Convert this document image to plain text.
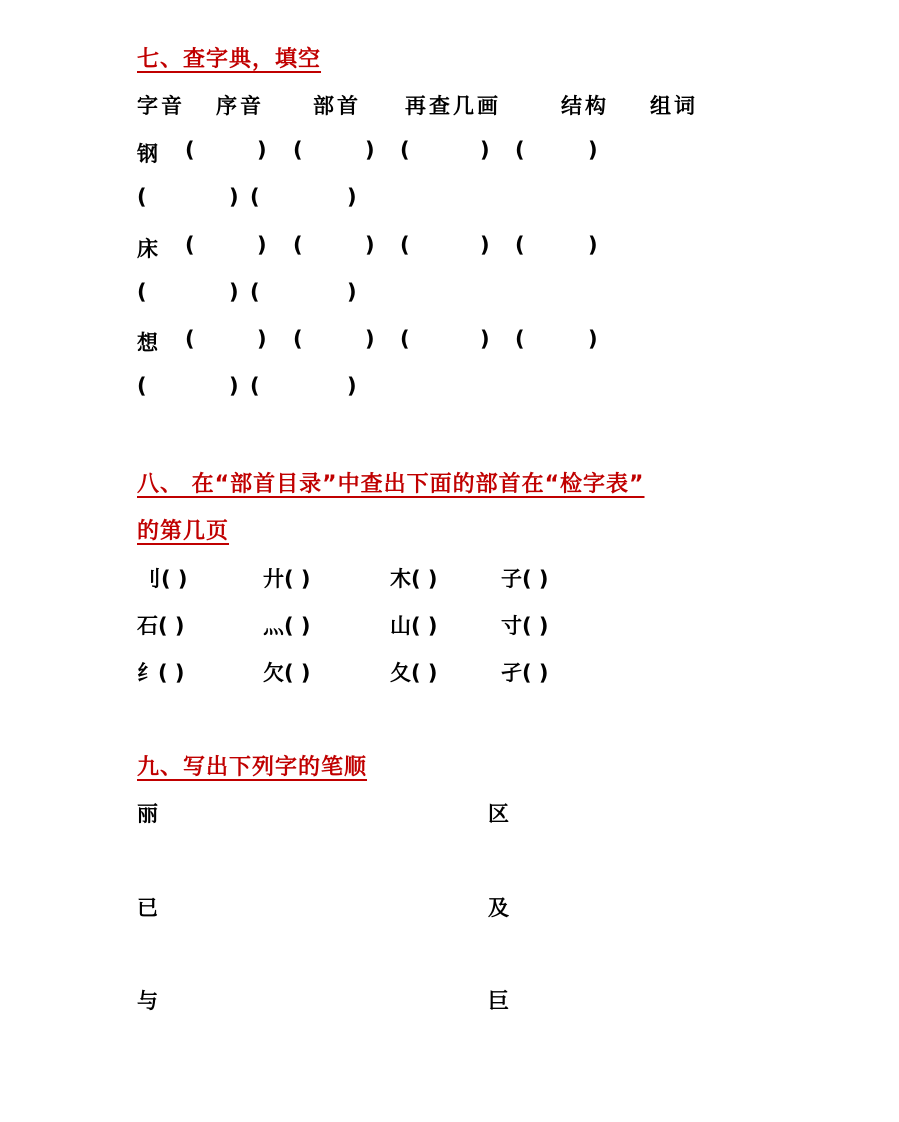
七、查字典，填空
字音 序音 部首 再查几画	结构 组词
钢 (	) (	) (	) (	)
(	) (	)
床 (	) (	) (	) (	)
(	) (	)
想 (	) (	) (	) (	)
(	) (	)
八、 在“部首目录”中查出下面的部首在“检字表”
的第几页
刂( )	廾( )	木( )	子( )
石( )	灬( )	山( )	寸( )
纟( )	欠( )	夂( )	孑( )
九、写出下列字的笔顺
丽	区
已	及
与	巨
